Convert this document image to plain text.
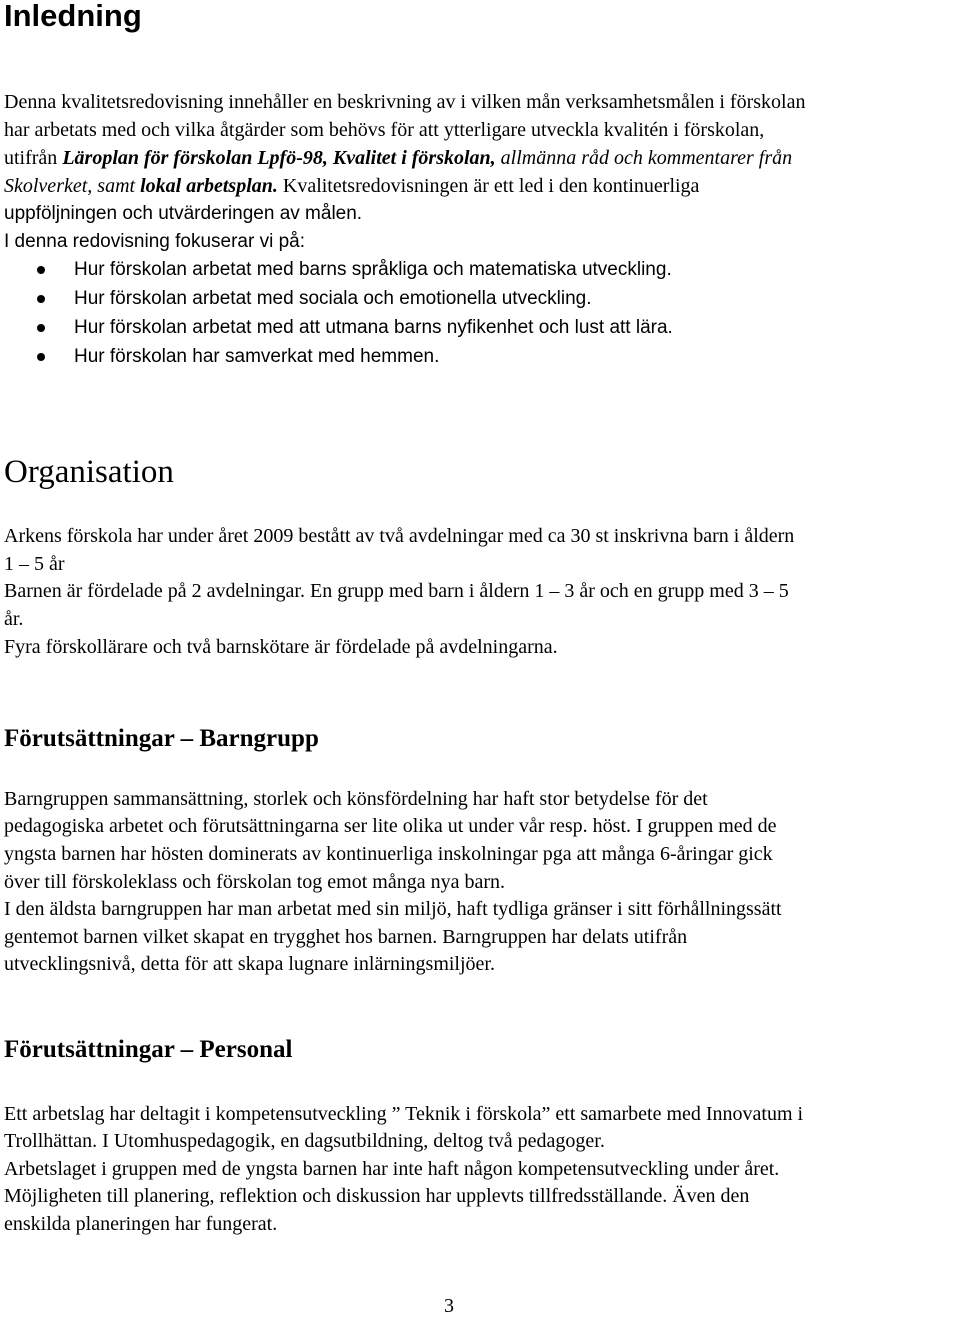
Inledning
Denna kvalitetsredovisning innehåller en beskrivning av i vilken mån verksamhetsmålen i förskolan
har arbetats med och vilka åtgärder som behövs för att ytterligare utveckla kvalitén i förskolan,
utifrån Läroplan för förskolan Lpfö-98, Kvalitet i förskolan, allmänna råd och kommentarer från
Skolverket, samt lokal arbetsplan. Kvalitetsredovisningen är ett led i den kontinuerliga
uppföljningen och utvärderingen av målen.
I denna redovisning fokuserar vi på:
Hur förskolan arbetat med barns språkliga och matematiska utveckling.
Hur förskolan arbetat med sociala och emotionella utveckling.
Hur förskolan arbetat med att utmana barns nyfikenhet och lust att lära.
Hur förskolan har samverkat med hemmen.
Organisation
Arkens förskola har under året 2009 bestått av två avdelningar med ca 30 st inskrivna barn i åldern
1 – 5 år
Barnen är fördelade på 2 avdelningar. En grupp med barn i åldern 1 – 3 år och en grupp med 3 – 5
år.
Fyra förskollärare och två barnskötare är fördelade på avdelningarna.
Förutsättningar – Barngrupp
Barngruppen sammansättning, storlek och könsfördelning har haft stor betydelse för det
pedagogiska arbetet och förutsättningarna ser lite olika ut under vår resp. höst. I gruppen med de
yngsta barnen har hösten dominerats av kontinuerliga inskolningar pga att många 6-åringar gick
över till förskoleklass och förskolan tog emot många nya barn.
I den äldsta barngruppen har man arbetat med sin miljö, haft tydliga gränser i sitt förhållningssätt
gentemot barnen vilket skapat en trygghet hos barnen. Barngruppen har delats utifrån
utvecklingsnivå, detta för att skapa lugnare inlärningsmiljöer.
Förutsättningar – Personal
Ett arbetslag har deltagit i kompetensutveckling ” Teknik i förskola” ett samarbete med Innovatum i
Trollhättan. I Utomhuspedagogik, en dagsutbildning, deltog två pedagoger.
Arbetslaget i gruppen med de yngsta barnen har inte haft någon kompetensutveckling under året.
Möjligheten till planering, reflektion och diskussion har upplevts tillfredsställande. Även den
enskilda planeringen har fungerat.
3
